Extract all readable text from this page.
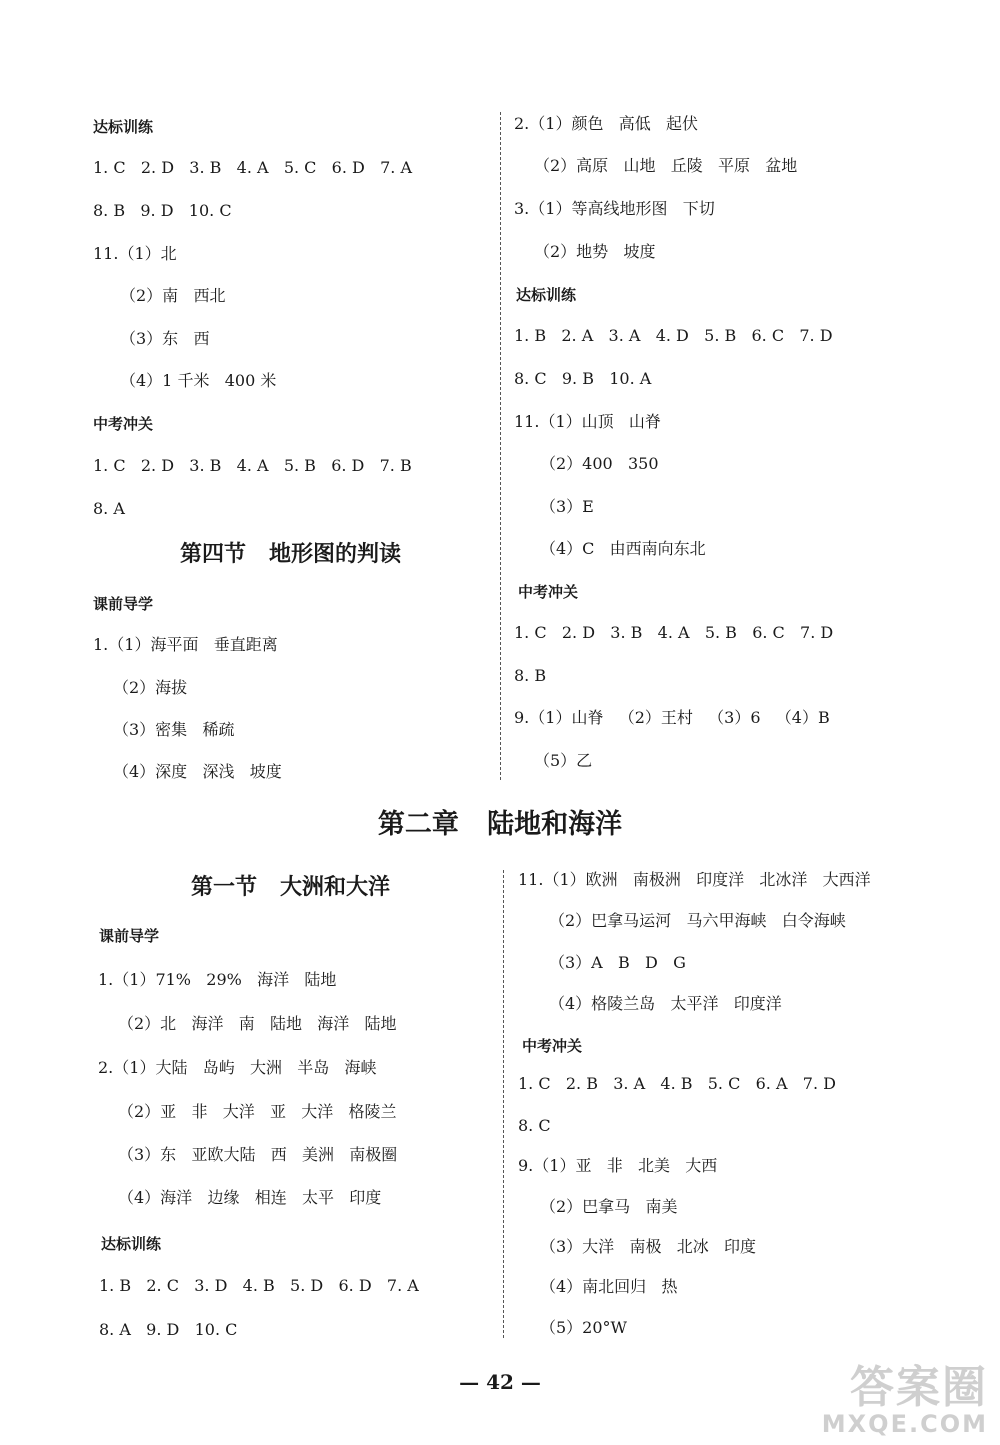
达标训练
1. C   2. D   3. B   4. A   5. C   6. D   7. A
8. B   9. D   10. C
11.（1）北
（2）南   西北
（3）东   西
（4）1 千米   400 米
中考冲关
1. C   2. D   3. B   4. A   5. B   6. D   7. B
8. A
第四节   地形图的判读
课前导学
1.（1）海平面   垂直距离
（2）海拔
（3）密集   稀疏
（4）深度   深浅   坡度
2.（1）颜色   高低   起伏
（2）高原   山地   丘陵   平原   盆地
3.（1）等高线地形图   下切
（2）地势   坡度
达标训练
1. B   2. A   3. A   4. D   5. B   6. C   7. D
8. C   9. B   10. A
11.（1）山顶   山脊
（2）400   350
（3）E
（4）C   由西南向东北
中考冲关
1. C   2. D   3. B   4. A   5. B   6. C   7. D
8. B
9.（1）山脊   （2）王村   （3）6   （4）B
（5）乙
第二章   陆地和海洋
第一节   大洲和大洋
课前导学
1.（1）71%   29%   海洋   陆地
（2）北   海洋   南   陆地   海洋   陆地
2.（1）大陆   岛屿   大洲   半岛   海峡
（2）亚   非   大洋   亚   大洋   格陵兰
（3）东   亚欧大陆   西   美洲   南极圈
（4）海洋   边缘   相连   太平   印度
达标训练
1. B   2. C   3. D   4. B   5. D   6. D   7. A
8. A   9. D   10. C
11.（1）欧洲   南极洲   印度洋   北冰洋   大西洋
（2）巴拿马运河   马六甲海峡   白令海峡
（3）A   B   D   G
（4）格陵兰岛   太平洋   印度洋
中考冲关
1. C   2. B   3. A   4. B   5. C   6. A   7. D
8. C
9.（1）亚   非   北美   大西
（2）巴拿马   南美
（3）大洋   南极   北冰   印度
（4）南北回归   热
（5）20°W
— 42 —	答案圈
MXQE.COM
